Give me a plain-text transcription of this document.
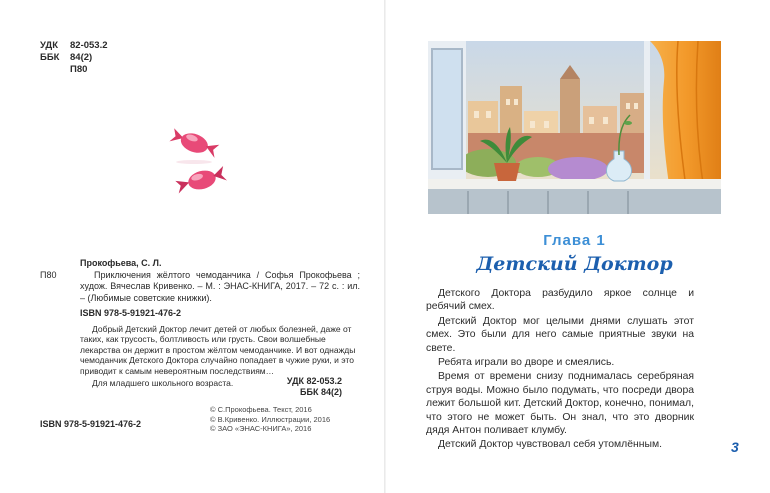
УДК	82-053.2
ББК	84(2)
П80
Прокофьева, С. Л.
П80	Приключения жёлтого чемоданчика / Софья Прокофьева ; худож. Вячеслав Кривенко. – М. : ЭНАС-КНИГА, 2017. – 72 с. : ил. – (Любимые советские книжки).
ISBN 978-5-91921-476-2
Добрый Детский Доктор лечит детей от любых болезней, даже от таких, как трусость, болтливость или грусть. Свои волшебные лекарства он держит в простом жёлтом чемоданчике. И вот однажды чемоданчик Детского Доктора случайно попадает в чужие руки, и это приводит к самым невероятным последствиям…
Для младшего школьного возраста.	УДК 82-053.2
ББК 84(2)
© С.Прокофьева. Текст, 2016
© В.Кривенко. Иллюстрации, 2016
© ЗАО «ЭНАС-КНИГА», 2016
ISBN 978-5-91921-476-2
Глава 1
Детский Доктор

Детского Доктора разбудило яркое солнце и ребячий смех.

Детский Доктор мог целыми днями слушать этот смех. Это были для него самые приятные звуки на свете.

Ребята играли во дворе и смеялись.

Время от времени снизу поднималась серебряная струя воды. Можно было подумать, что посреди двора лежит большой кит. Детский Доктор, конечно, понимал, что этого не может быть. Он знал, что это дворник дядя Антон поливает клумбу.

Детский Доктор чувствовал себя утомлённым.	3
